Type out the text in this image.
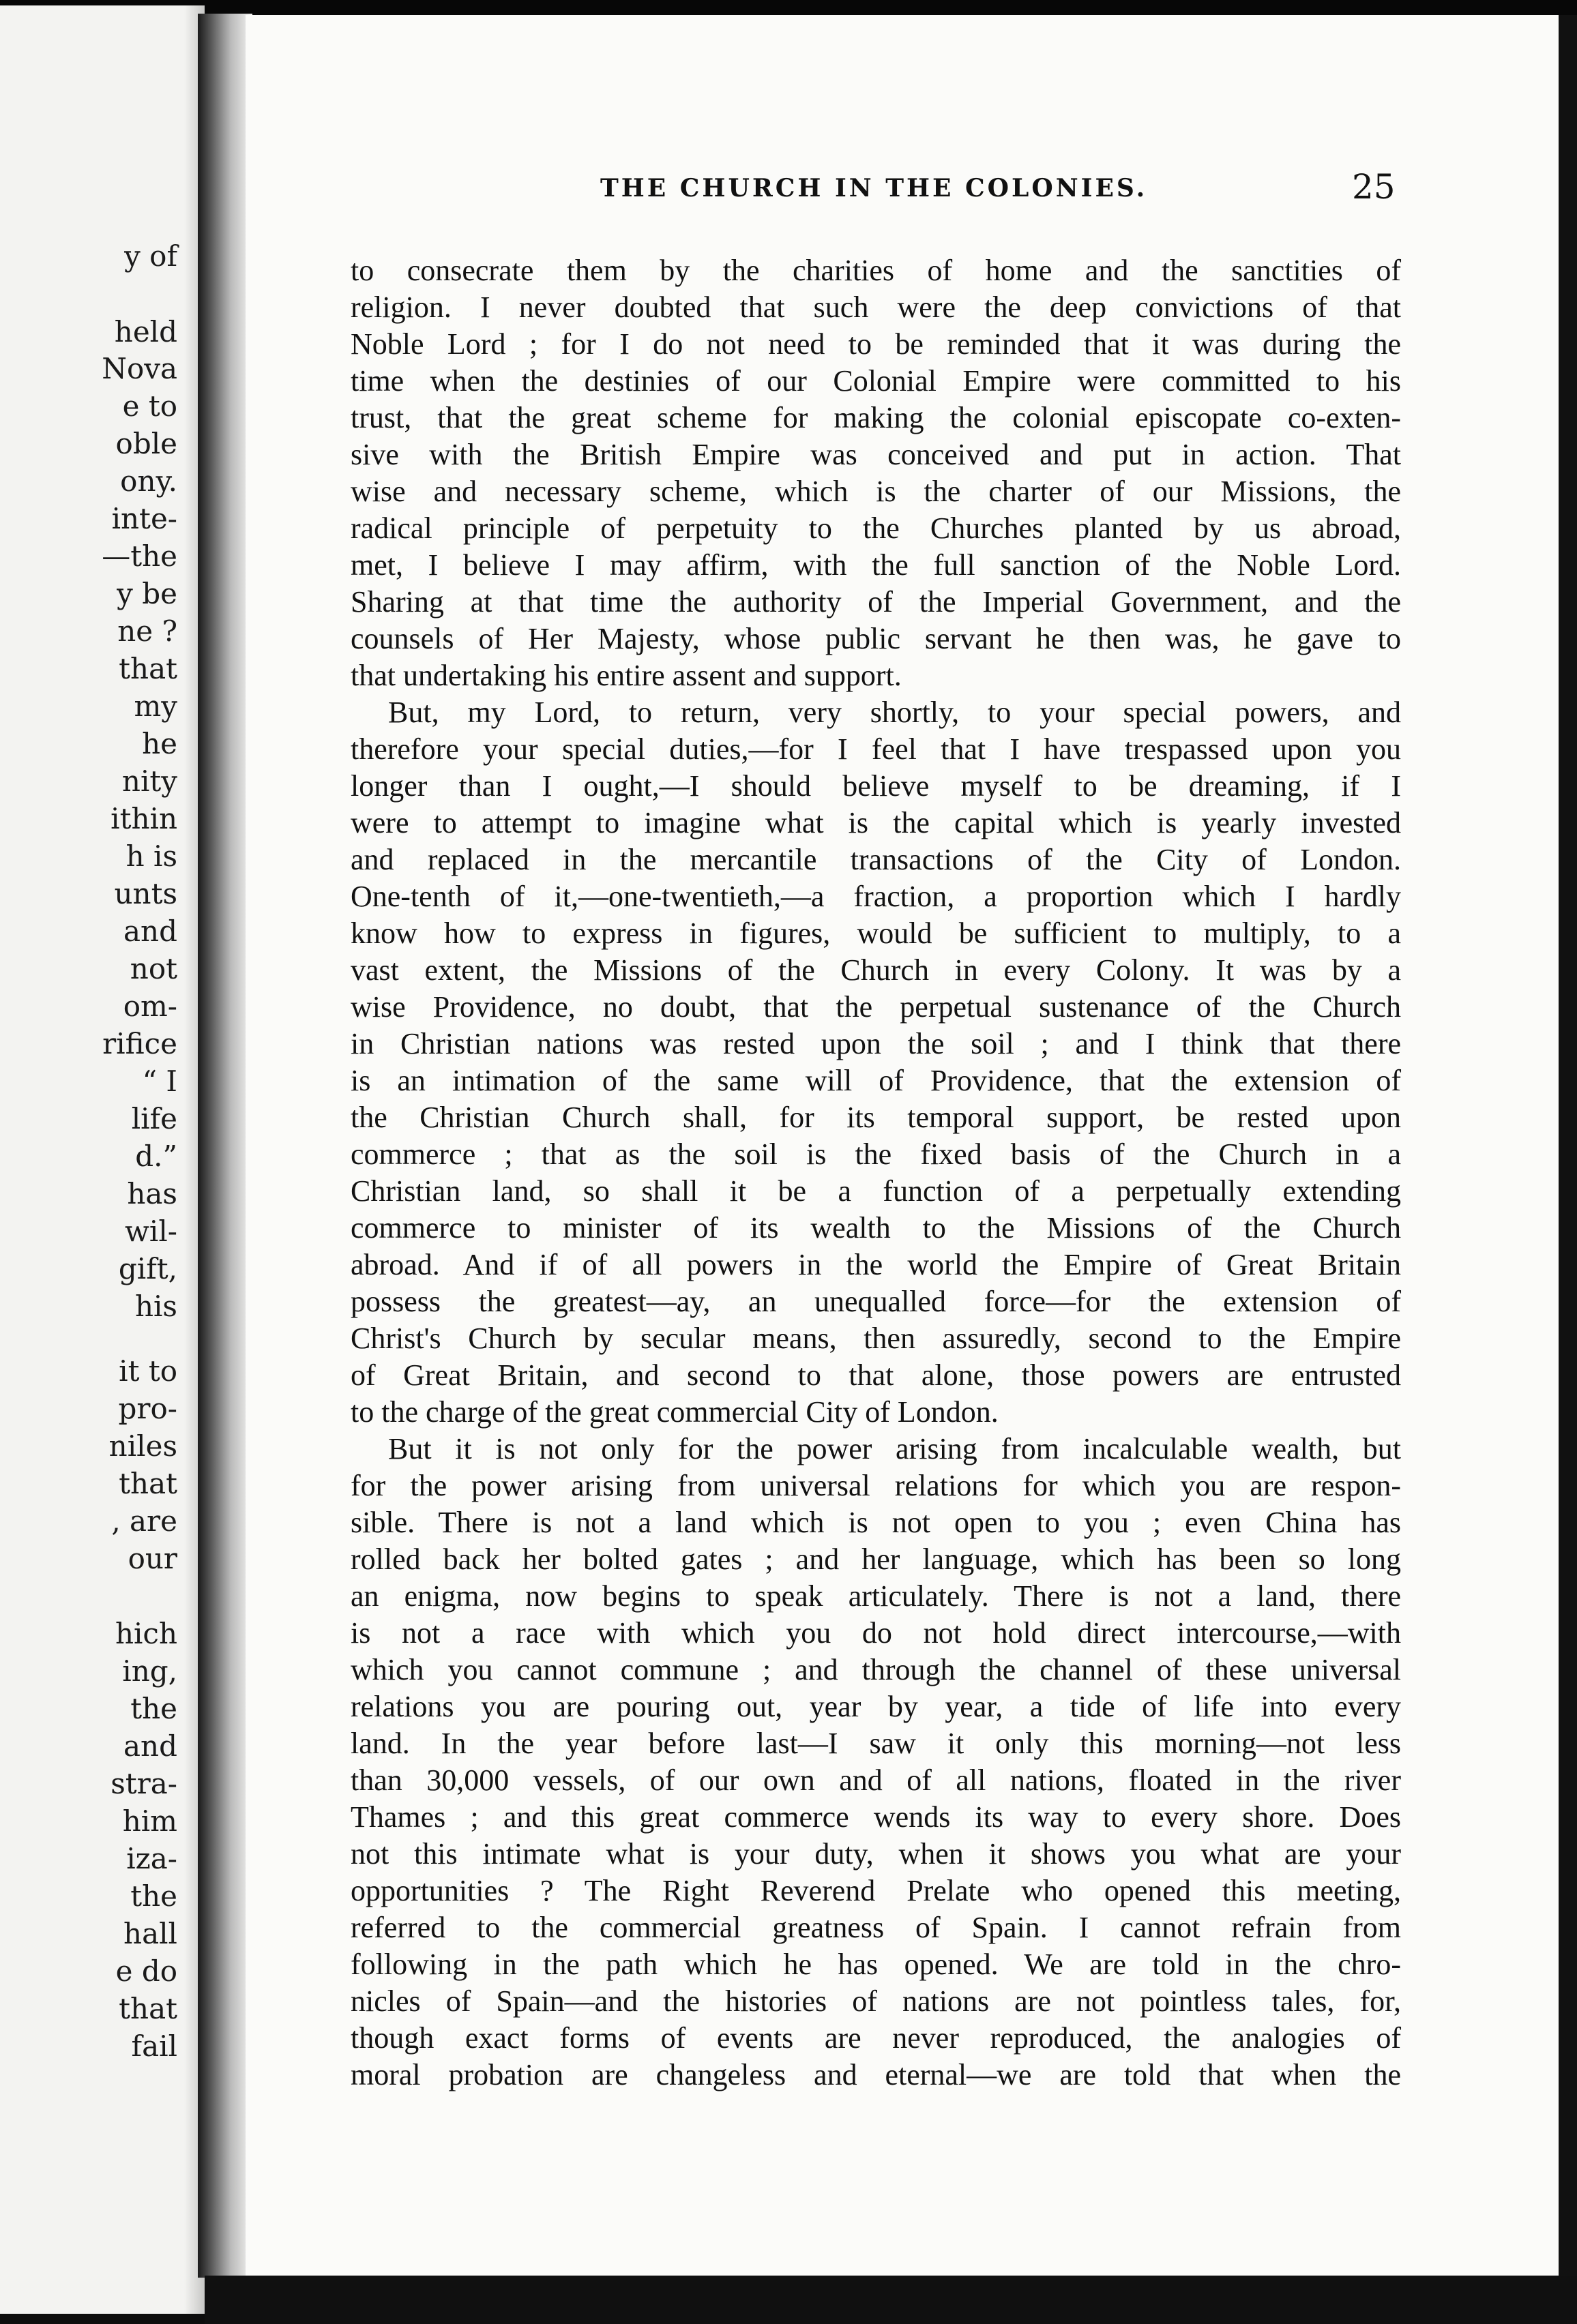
y of
held
Nova
e to
oble
ony.
inte-
—the
y be
ne ?
that
my
he
nity
ithin
h is
unts
and
not
om-
rifice
“ I
life
d.”
has
wil-
gift,
his
it to
pro-
niles
that
, are
our
hich
ing,
the
and
stra-
him
iza-
the
hall
e do
that
fail
THE CHURCH IN THE COLONIES.	25
to consecrate them by the charities of home and the sanctities of
religion. I never doubted that such were the deep convictions of that
Noble Lord ; for I do not need to be reminded that it was during the
time when the destinies of our Colonial Empire were committed to his
trust, that the great scheme for making the colonial episcopate co-exten-
sive with the British Empire was conceived and put in action. That
wise and necessary scheme, which is the charter of our Missions, the
radical principle of perpetuity to the Churches planted by us abroad,
met, I believe I may affirm, with the full sanction of the Noble Lord.
Sharing at that time the authority of the Imperial Government, and the
counsels of Her Majesty, whose public servant he then was, he gave to
that undertaking his entire assent and support.
But, my Lord, to return, very shortly, to your special powers, and
therefore your special duties,—for I feel that I have trespassed upon you
longer than I ought,—I should believe myself to be dreaming, if I
were to attempt to imagine what is the capital which is yearly invested
and replaced in the mercantile transactions of the City of London.
One-tenth of it,—one-twentieth,—a fraction, a proportion which I hardly
know how to express in figures, would be sufficient to multiply, to a
vast extent, the Missions of the Church in every Colony. It was by a
wise Providence, no doubt, that the perpetual sustenance of the Church
in Christian nations was rested upon the soil ; and I think that there
is an intimation of the same will of Providence, that the extension of
the Christian Church shall, for its temporal support, be rested upon
commerce ; that as the soil is the fixed basis of the Church in a
Christian land, so shall it be a function of a perpetually extending
commerce to minister of its wealth to the Missions of the Church
abroad. And if of all powers in the world the Empire of Great Britain
possess the greatest—ay, an unequalled force—for the extension of
Christ's Church by secular means, then assuredly, second to the Empire
of Great Britain, and second to that alone, those powers are entrusted
to the charge of the great commercial City of London.
But it is not only for the power arising from incalculable wealth, but
for the power arising from universal relations for which you are respon-
sible. There is not a land which is not open to you ; even China has
rolled back her bolted gates ; and her language, which has been so long
an enigma, now begins to speak articulately. There is not a land, there
is not a race with which you do not hold direct intercourse,—with
which you cannot commune ; and through the channel of these universal
relations you are pouring out, year by year, a tide of life into every
land. In the year before last—I saw it only this morning—not less
than 30,000 vessels, of our own and of all nations, floated in the river
Thames ; and this great commerce wends its way to every shore. Does
not this intimate what is your duty, when it shows you what are your
opportunities ? The Right Reverend Prelate who opened this meeting,
referred to the commercial greatness of Spain. I cannot refrain from
following in the path which he has opened. We are told in the chro-
nicles of Spain—and the histories of nations are not pointless tales, for,
though exact forms of events are never reproduced, the analogies of
moral probation are changeless and eternal—we are told that when the
